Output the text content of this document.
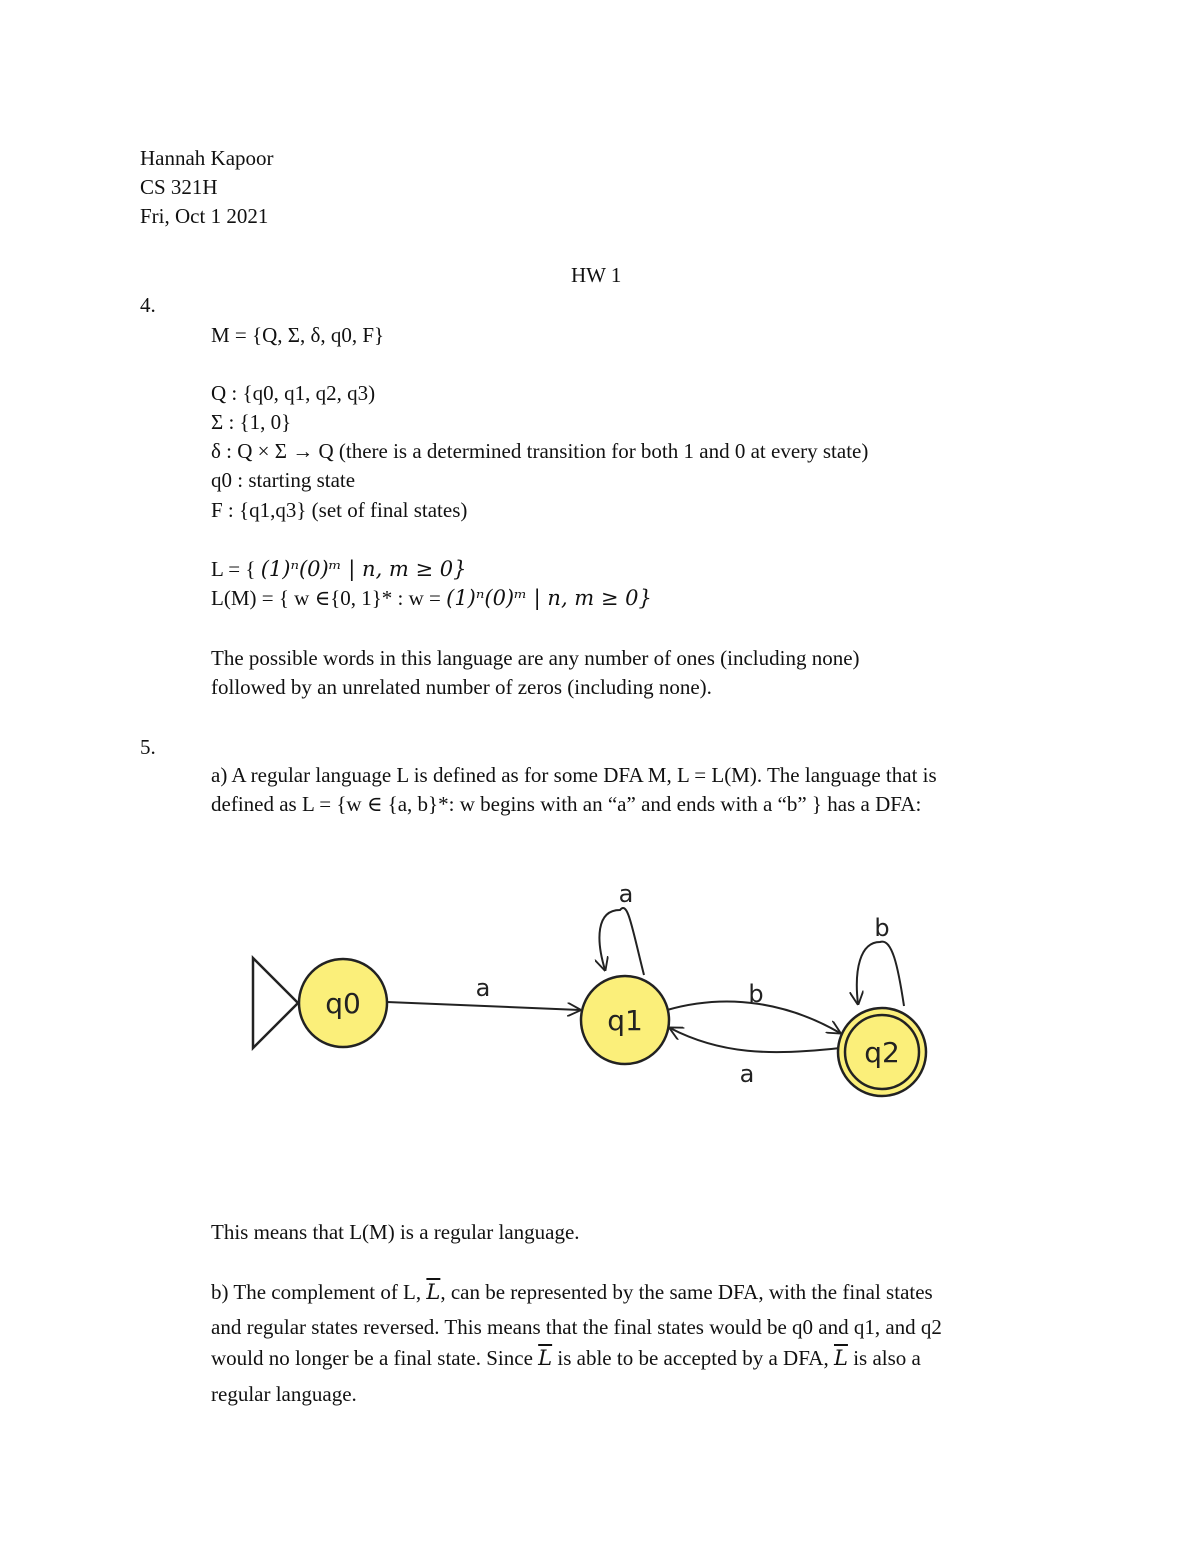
Hannah Kapoor
CS 321H
Fri, Oct 1 2021
HW 1
4.
M = {Q, Σ, δ, q0, F}
Q : {q0, q1, q2, q3)
Σ : {1, 0}
δ : Q × Σ → Q (there is a determined transition for both 1 and 0 at every state)
q0 : starting state
F : {q1,q3} (set of final states)
L = { (1)ⁿ(0)ᵐ | n, m ≥ 0}
L(M) = { w ∈{0, 1}* : w = (1)ⁿ(0)ᵐ | n, m ≥ 0}
The possible words in this language are any number of ones (including none)
followed by an unrelated number of zeros (including none).
5.
a) A regular language L is defined as for some DFA M, L = L(M). The language that is
defined as L = {w ∈ {a, b}*: w begins with an “a” and ends with a “b” } has a DFA:
a	b
a
a
b
q0
q1
q2
This means that L(M) is a regular language.
b) The complement of L, $\overline{L}$, can be represented by the same DFA, with the final states
and regular states reversed. This means that the final states would be q0 and q1, and q2
would no longer be a final state. Since $\overline{L}$ is able to be accepted by a DFA, $\overline{L}$ is also a
regular language.
